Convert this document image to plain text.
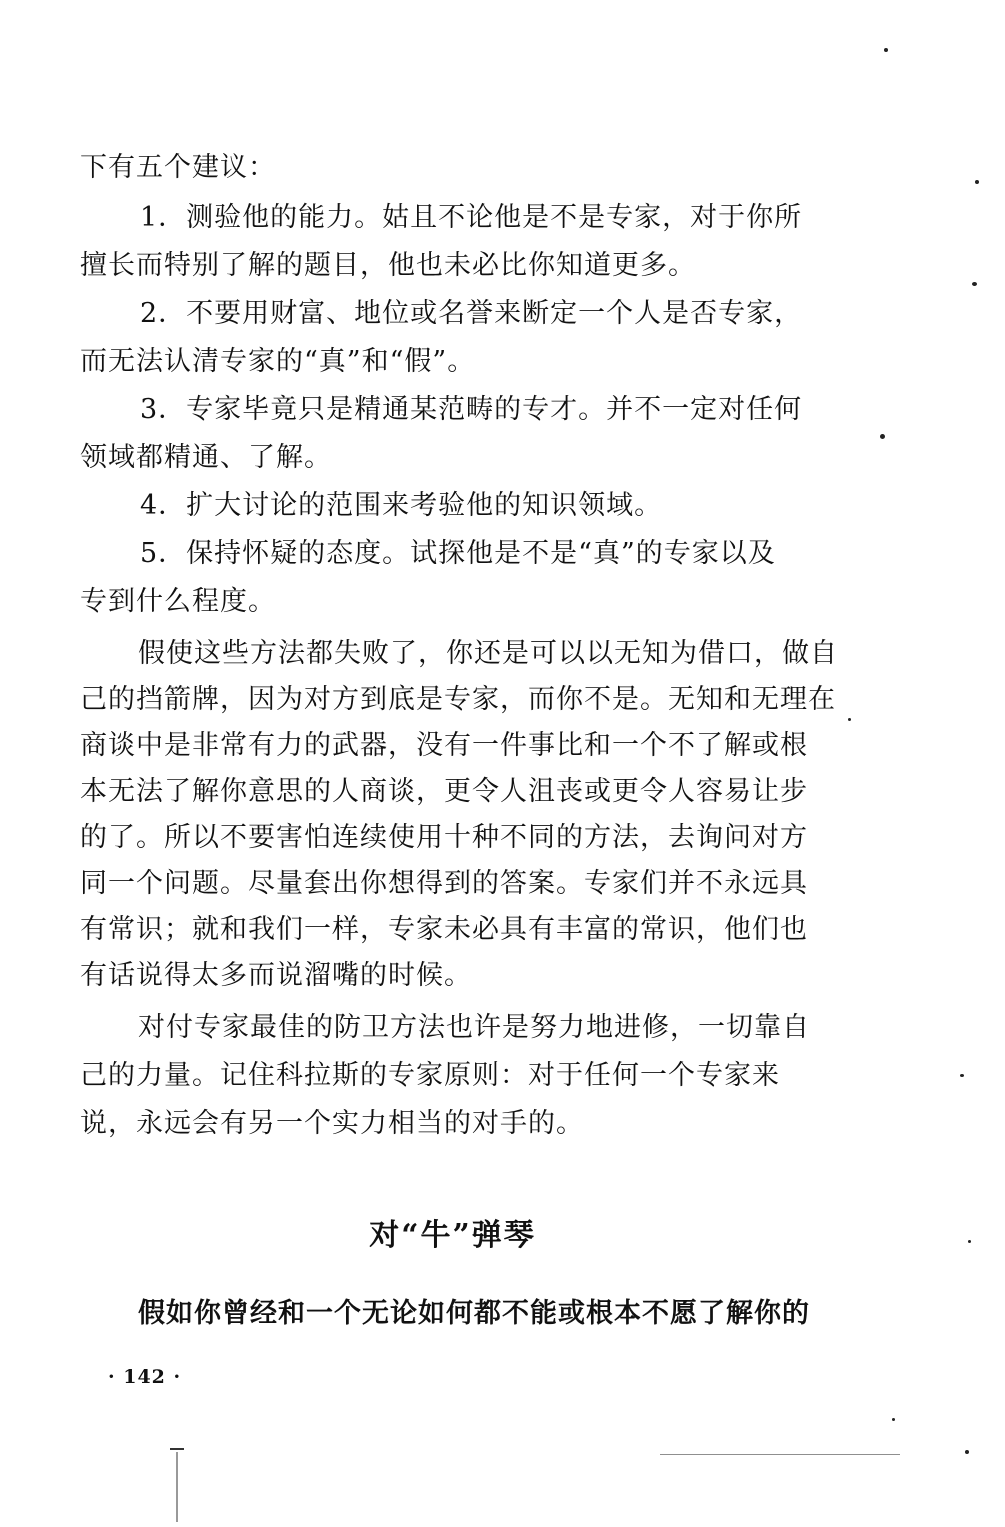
下有五个建议：
1．测验他的能力。姑且不论他是不是专家，对于你所
擅长而特别了解的题目，他也未必比你知道更多。
2．不要用财富、地位或名誉来断定一个人是否专家，
而无法认清专家的“真”和“假”。
3．专家毕竟只是精通某范畴的专才。并不一定对任何
领域都精通、了解。
4．扩大讨论的范围来考验他的知识领域。
5．保持怀疑的态度。试探他是不是“真”的专家以及
专到什么程度。
假使这些方法都失败了，你还是可以以无知为借口，做自
己的挡箭牌，因为对方到底是专家，而你不是。无知和无理在
商谈中是非常有力的武器，没有一件事比和一个不了解或根
本无法了解你意思的人商谈，更令人沮丧或更令人容易让步
的了。所以不要害怕连续使用十种不同的方法，去询问对方
同一个问题。尽量套出你想得到的答案。专家们并不永远具
有常识；就和我们一样，专家未必具有丰富的常识，他们也
有话说得太多而说溜嘴的时候。
对付专家最佳的防卫方法也许是努力地进修，一切靠自
己的力量。记住科拉斯的专家原则：对于任何一个专家来
说，永远会有另一个实力相当的对手的。
对“牛”弹琴
假如你曾经和一个无论如何都不能或根本不愿了解你的
· 142 ·
